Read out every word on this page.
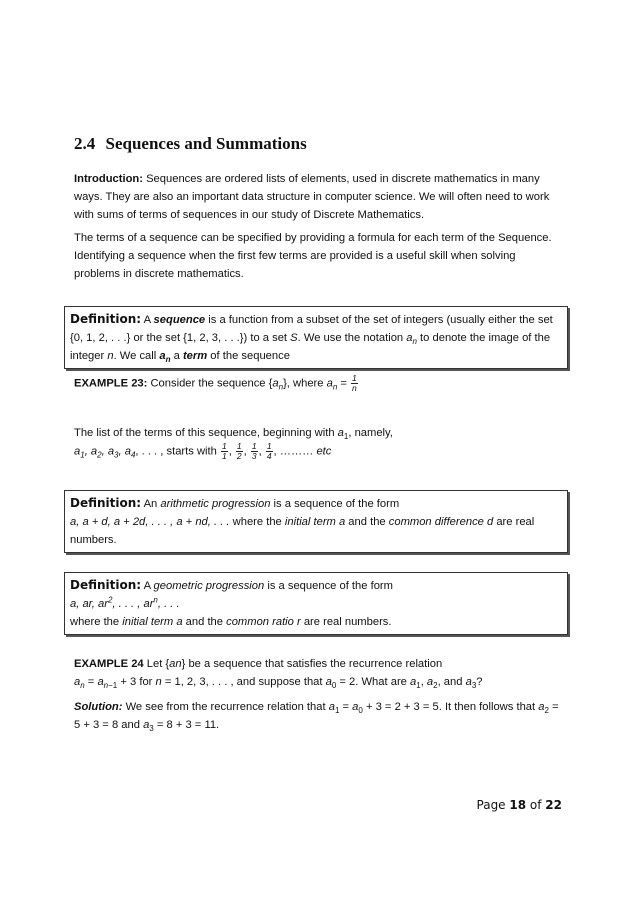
2.4 Sequences and Summations
Introduction: Sequences are ordered lists of elements, used in discrete mathematics in many ways. They are also an important data structure in computer science. We will often need to work with sums of terms of sequences in our study of Discrete Mathematics.
The terms of a sequence can be specified by providing a formula for each term of the Sequence. Identifying a sequence when the first few terms are provided is a useful skill when solving problems in discrete mathematics.
Definition: A sequence is a function from a subset of the set of integers (usually either the set {0, 1, 2, . . .} or the set {1, 2, 3, . . .}) to a set S. We use the notation $a_n$ to denote the image of the integer n. We call $a_n$ a term of the sequence
EXAMPLE 23: Consider the sequence $\{a_n\}$, where $a_n = \frac{1}{n}$
The list of the terms of this sequence, beginning with $a_1$, namely,
$a_1$, $a_2$, $a_3$, $a_4$, . . . , starts with $\frac{1}{1}$ , $\frac{1}{2}$ , $\frac{1}{3}$ , $\frac{1}{4}$ , ……… etc
Definition: An arithmetic progression is a sequence of the form
a, a + d, a + 2d, . . . , a + nd, . . . where the initial term a and the common difference d are real numbers.
Definition: A geometric progression is a sequence of the form
a, ar, $ar^2$, . . . , $ar^n$, . . .
where the initial term a and the common ratio r are real numbers.
EXAMPLE 24 Let {an} be a sequence that satisfies the recurrence relation
$a_n = a_{n-1} + 3$ for n = 1, 2, 3, . . . , and suppose that $a_0 = 2$. What are $a_1$, $a_2$, and $a_3$?
Solution: We see from the recurrence relation that $a_1 = a_0 + 3 = 2 + 3 = 5$. It then follows that $a_2 = 5 + 3 = 8$ and $a_3 = 8 + 3 = 11$.
Page 18 of 22
